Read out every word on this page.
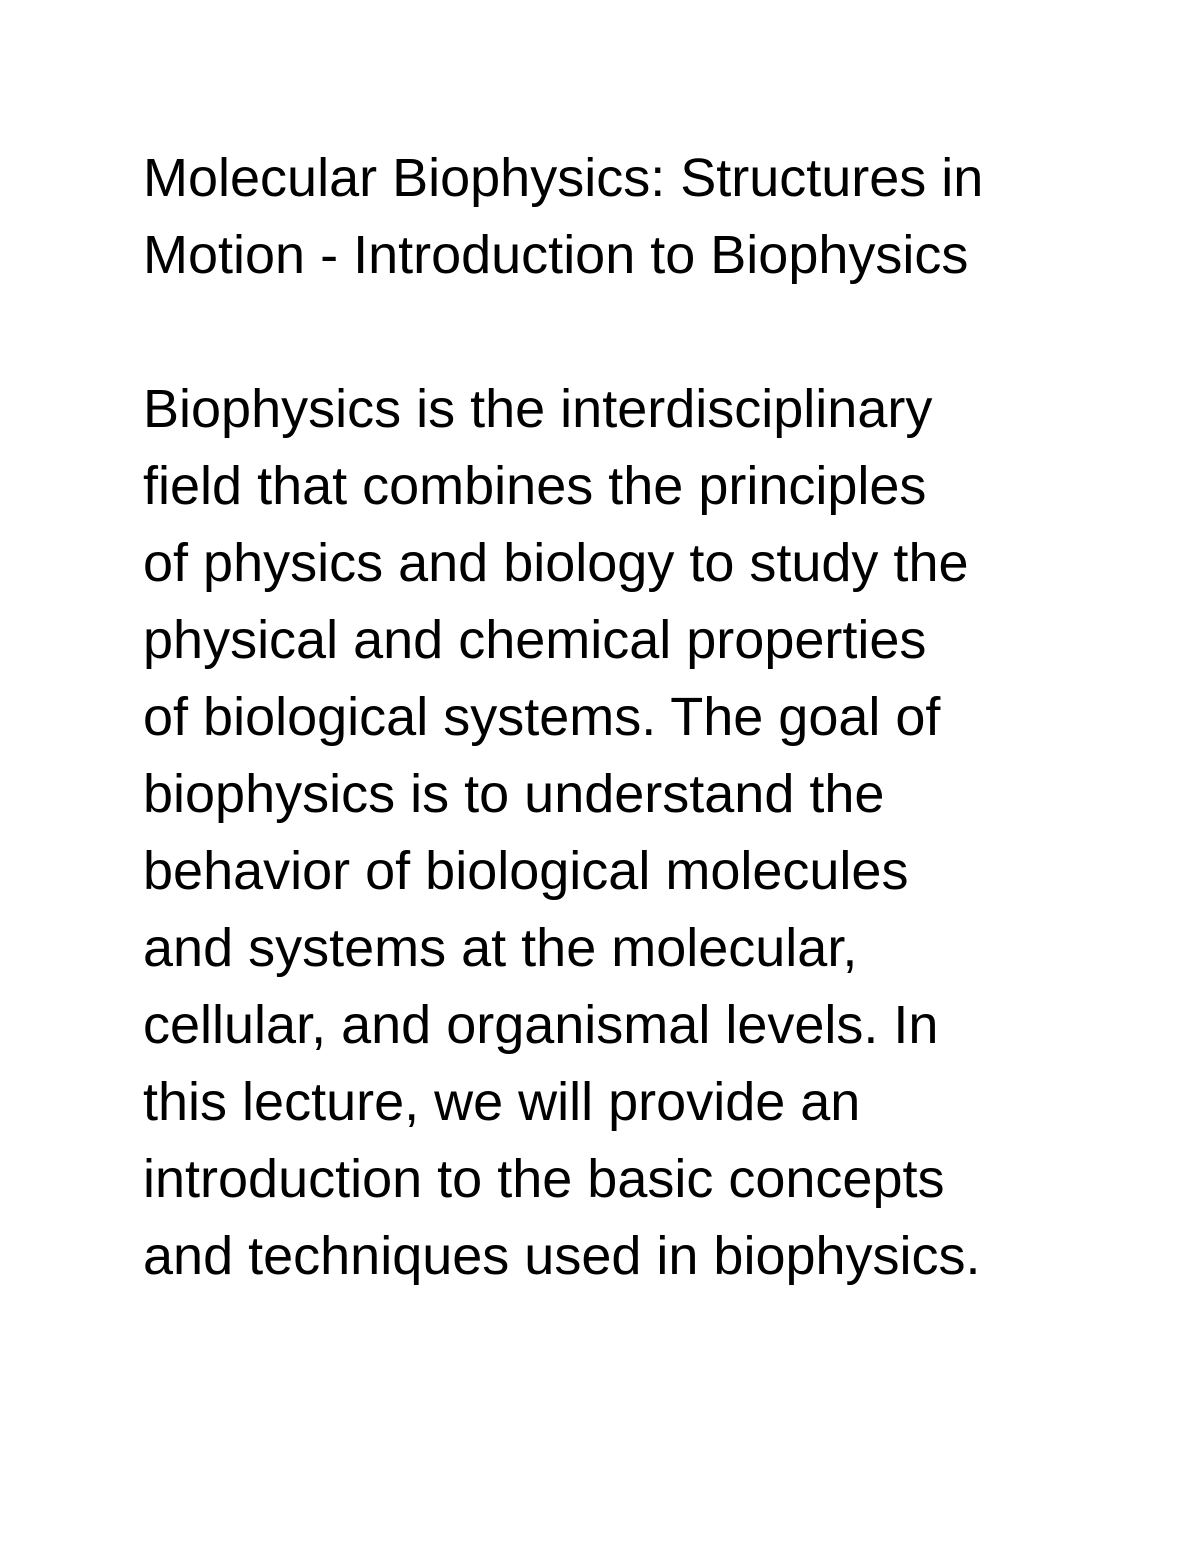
Molecular Biophysics: Structures in
Motion - Introduction to Biophysics
Biophysics is the interdisciplinary
field that combines the principles
of physics and biology to study the
physical and chemical properties
of biological systems. The goal of
biophysics is to understand the
behavior of biological molecules
and systems at the molecular,
cellular, and organismal levels. In
this lecture, we will provide an
introduction to the basic concepts
and techniques used in biophysics.
